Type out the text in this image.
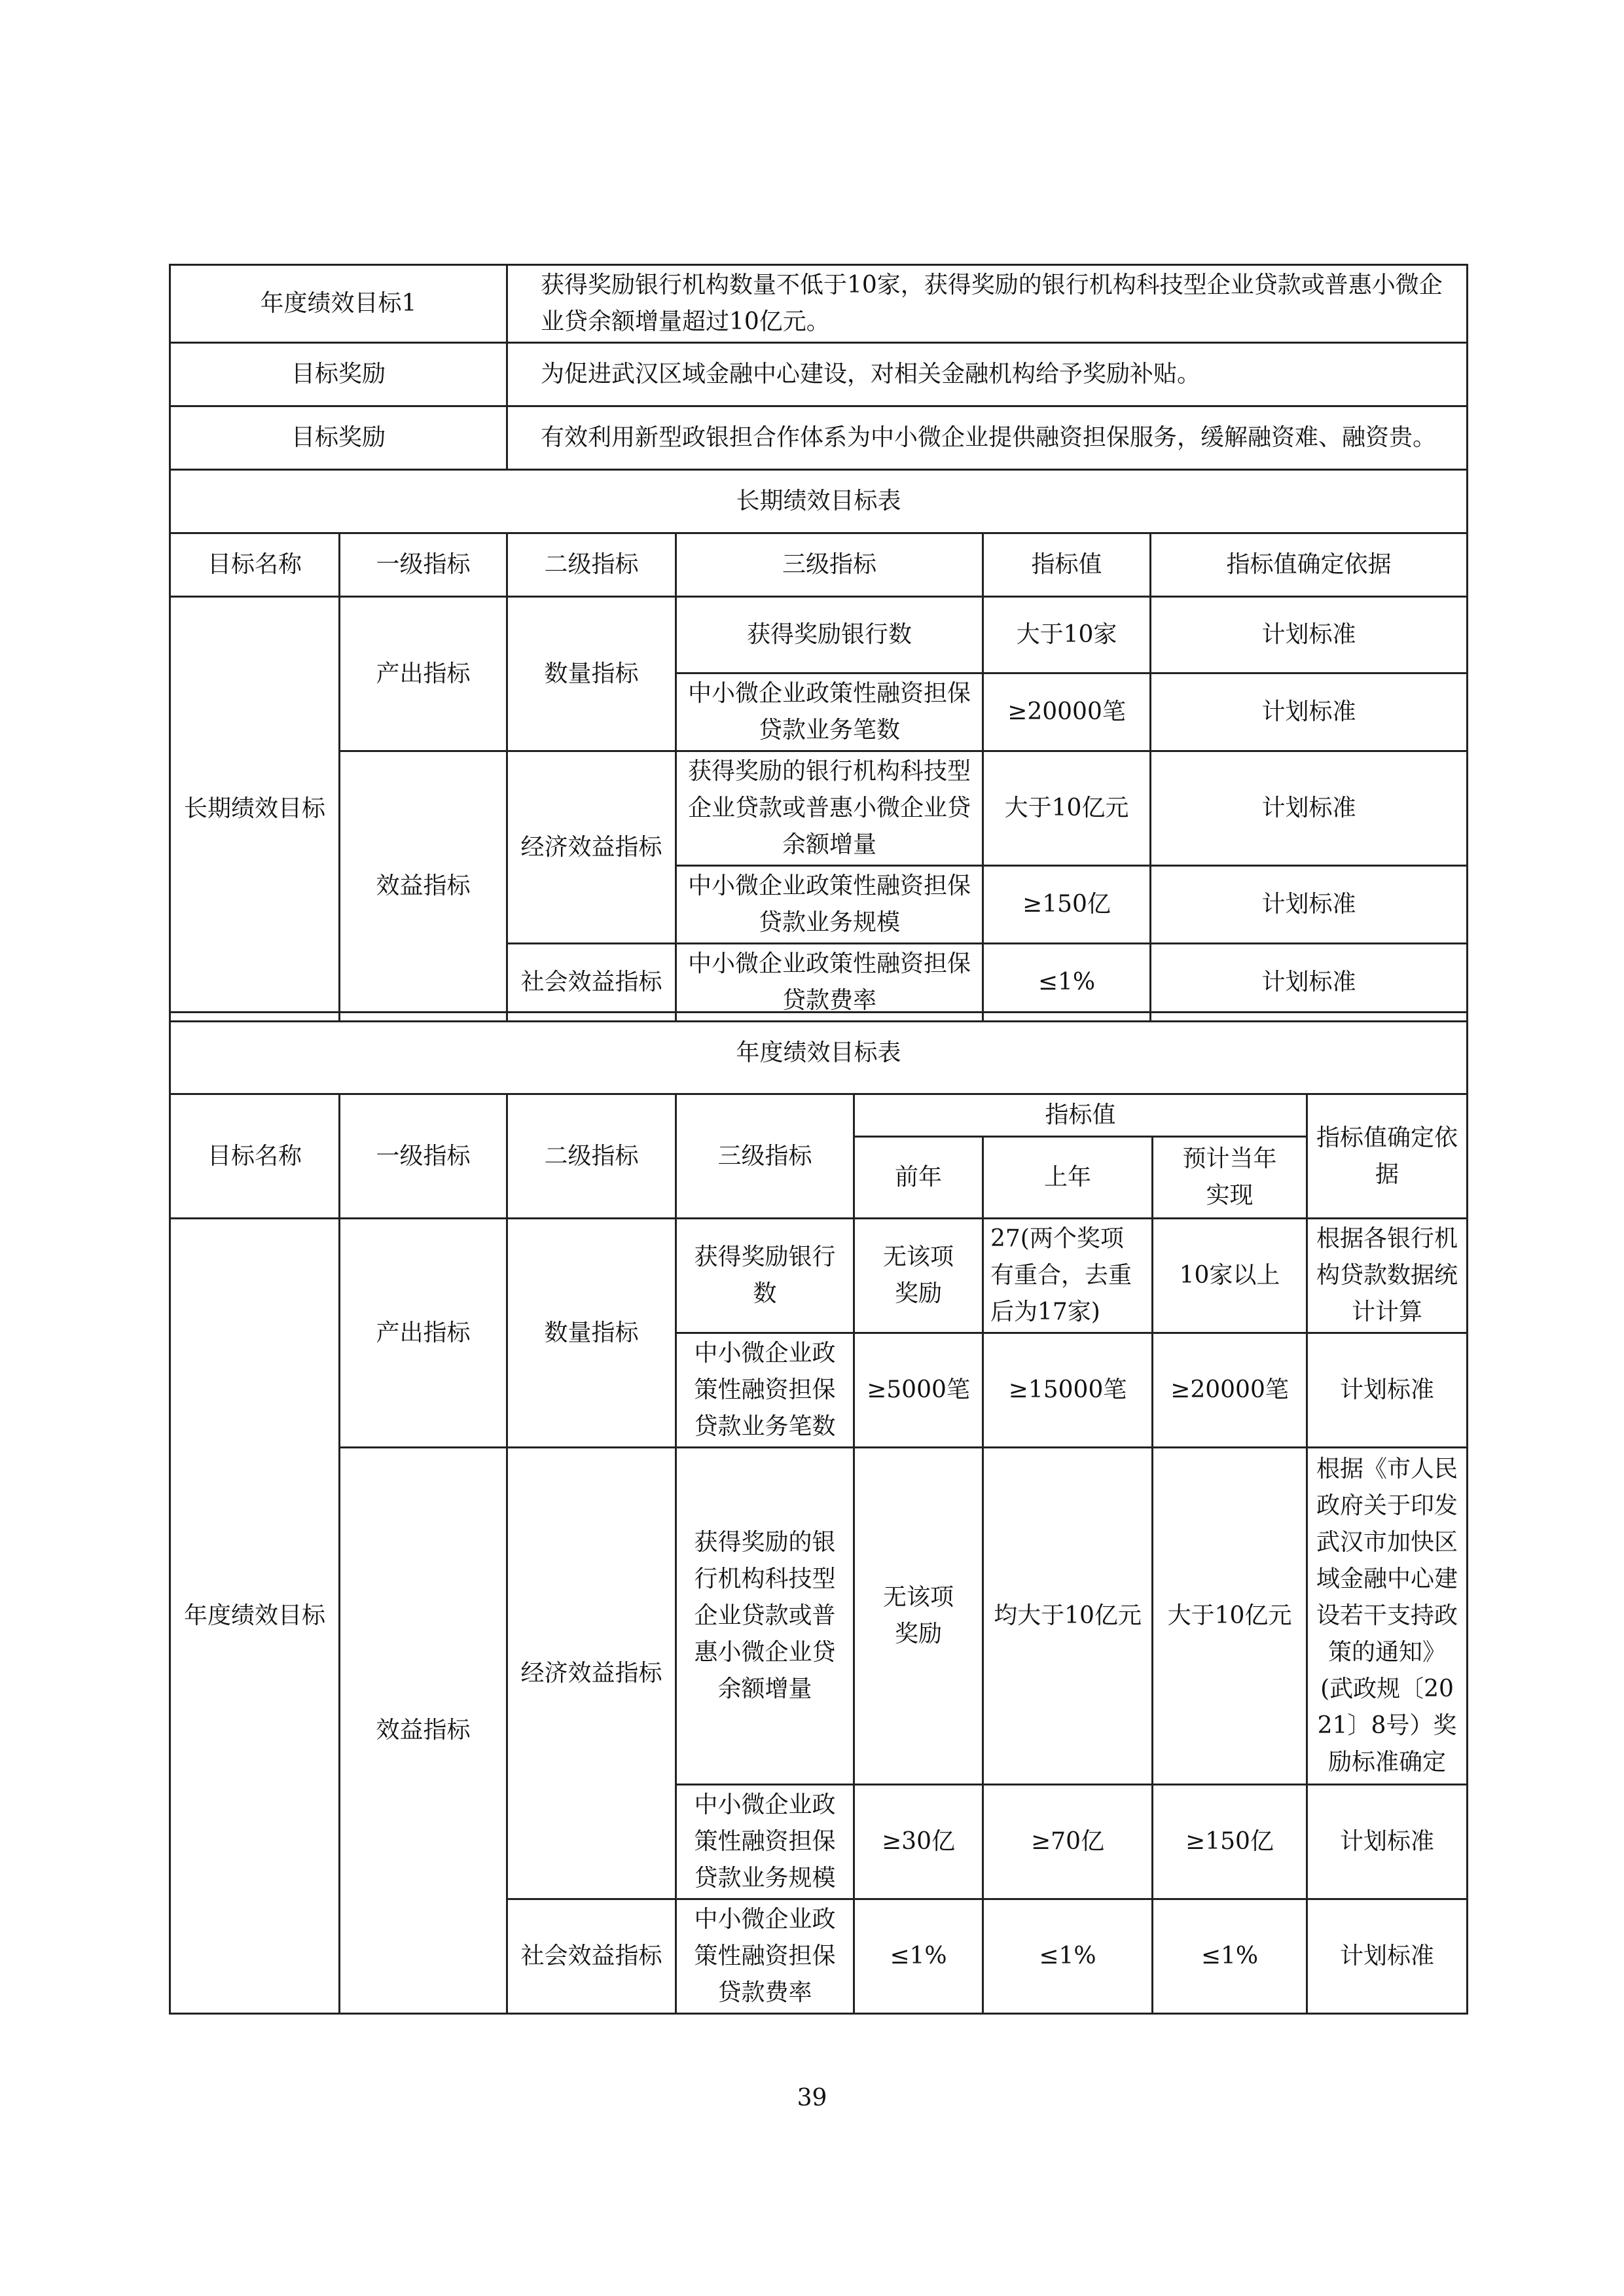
年度绩效目标1		获得奖励银行机构数量不低于10家，获得奖励的银行机构科技型企业贷款或普惠小微企业贷余额增量超过10亿元。			
目标奖励		为促进武汉区域金融中心建设，对相关金融机构给予奖励补贴。			
目标奖励		有效利用新型政银担合作体系为中小微企业提供融资担保服务，缓解融资难、融资贵。			
长期绩效目标表					
目标名称	一级指标	二级指标	三级指标	指标值	指标值确定依据
长期绩效目标	产出指标	数量指标	获得奖励银行数	大于10家	计划标准
			中小微企业政策性融资担保贷款业务笔数	≥20000笔	计划标准
	效益指标	经济效益指标	获得奖励的银行机构科技型企业贷款或普惠小微企业贷余额增量	大于10亿元	计划标准
			中小微企业政策性融资担保贷款业务规模	≥150亿	计划标准
		社会效益指标	中小微企业政策性融资担保贷款费率	≤1%	计划标准
年度绩效目标表							
目标名称	一级指标	二级指标	三级指标	指标值			指标值确定依据
				前年	上年	预计当年实现	
年度绩效目标	产出指标	数量指标	获得奖励银行数	无该项奖励	27(两个奖项有重合，去重后为17家)	10家以上	根据各银行机构贷款数据统计计算
			中小微企业政策性融资担保贷款业务笔数	≥5000笔	≥15000笔	≥20000笔	计划标准
	效益指标	经济效益指标	获得奖励的银行机构科技型企业贷款或普惠小微企业贷余额增量	无该项奖励	均大于10亿元	大于10亿元	根据《市人民政府关于印发武汉市加快区域金融中心建设若干支持政策的通知》(武政规〔2021〕8号）奖励标准确定
			中小微企业政策性融资担保贷款业务规模	≥30亿	≥70亿	≥150亿	计划标准
		社会效益指标	中小微企业政策性融资担保贷款费率	≤1%	≤1%	≤1%	计划标准
39
